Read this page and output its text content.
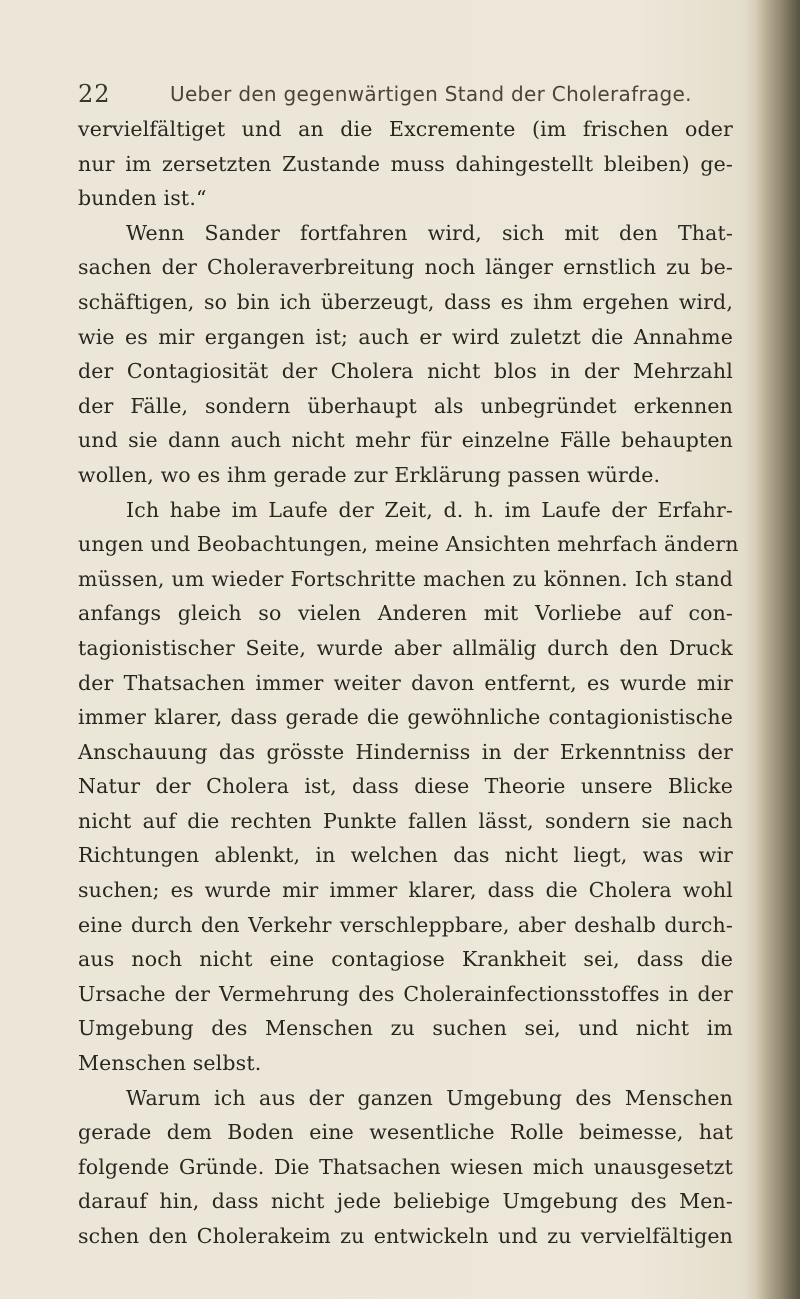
22	Ueber den gegenwärtigen Stand der Cholerafrage.
vervielfältiget und an die Excremente (im frischen oder
nur im zersetzten Zustande muss dahingestellt bleiben) ge-
bunden ist.“
Wenn Sander fortfahren wird, sich mit den That-
sachen der Choleraverbreitung noch länger ernstlich zu be-
schäftigen, so bin ich überzeugt, dass es ihm ergehen wird,
wie es mir ergangen ist; auch er wird zuletzt die Annahme
der Contagiosität der Cholera nicht blos in der Mehrzahl
der Fälle, sondern überhaupt als unbegründet erkennen
und sie dann auch nicht mehr für einzelne Fälle behaupten
wollen, wo es ihm gerade zur Erklärung passen würde.
Ich habe im Laufe der Zeit, d. h. im Laufe der Erfahr-
ungen und Beobachtungen, meine Ansichten mehrfach ändern
müssen, um wieder Fortschritte machen zu können. Ich stand
anfangs gleich so vielen Anderen mit Vorliebe auf con-
tagionistischer Seite, wurde aber allmälig durch den Druck
der Thatsachen immer weiter davon entfernt, es wurde mir
immer klarer, dass gerade die gewöhnliche contagionistische
Anschauung das grösste Hinderniss in der Erkenntniss der
Natur der Cholera ist, dass diese Theorie unsere Blicke
nicht auf die rechten Punkte fallen lässt, sondern sie nach
Richtungen ablenkt, in welchen das nicht liegt, was wir
suchen; es wurde mir immer klarer, dass die Cholera wohl
eine durch den Verkehr verschleppbare, aber deshalb durch-
aus noch nicht eine contagiose Krankheit sei, dass die
Ursache der Vermehrung des Cholerainfectionsstoffes in der
Umgebung des Menschen zu suchen sei, und nicht im
Menschen selbst.
Warum ich aus der ganzen Umgebung des Menschen
gerade dem Boden eine wesentliche Rolle beimesse, hat
folgende Gründe. Die Thatsachen wiesen mich unausgesetzt
darauf hin, dass nicht jede beliebige Umgebung des Men-
schen den Cholerakeim zu entwickeln und zu vervielfältigen
